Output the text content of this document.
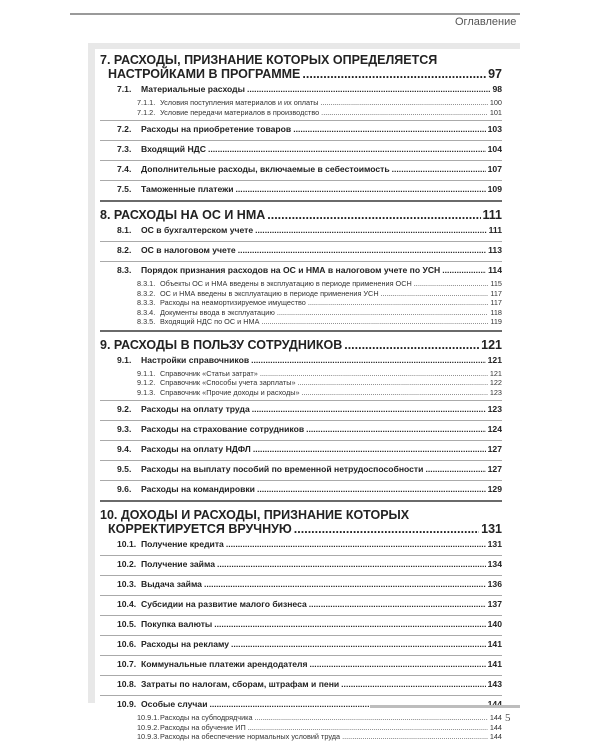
Оглавление
7. РАСХОДЫ, ПРИЗНАНИЕ КОТОРЫХ ОПРЕДЕЛЯЕТСЯ
НАСТРОЙКАМИ В ПРОГРАММЕ .....	97
7.1. Материальные расходы .....	98
7.1.1. Условия поступления материалов и их оплаты .....	100
7.1.2. Условие передачи материалов в производство .....	101
7.2. Расходы на приобретение товаров .....	103
7.3. Входящий НДС .....	104
7.4. Дополнительные расходы, включаемые в себестоимость .....	107
7.5. Таможенные платежи .....	109
8. РАСХОДЫ НА ОС И НМА .....	111
8.1. ОС в бухгалтерском учете .....	111
8.2. ОС в налоговом учете .....	113
8.3. Порядок признания расходов на ОС и НМА в налоговом учете по УСН .....	114
8.3.1. Объекты ОС и НМА введены в эксплуатацию в периоде применения ОСН .....	115
8.3.2. ОС и НМА введены в эксплуатацию в периоде применения УСН .....	117
8.3.3. Расходы на неамортизируемое имущество .....	117
8.3.4. Документы ввода в эксплуатацию .....	118
8.3.5. Входящий НДС по ОС и НМА .....	119
9. РАСХОДЫ В ПОЛЬЗУ СОТРУДНИКОВ .....	121
9.1. Настройки справочников .....	121
9.1.1. Справочник «Статьи затрат» .....	121
9.1.2. Справочник «Способы учета зарплаты» .....	122
9.1.3. Справочник «Прочие доходы и расходы» .....	123
9.2. Расходы на оплату труда .....	123
9.3. Расходы на страхование сотрудников .....	124
9.4. Расходы на оплату НДФЛ .....	127
9.5. Расходы на выплату пособий по временной нетрудоспособности .....	127
9.6. Расходы на командировки .....	129
10. ДОХОДЫ И РАСХОДЫ, ПРИЗНАНИЕ КОТОРЫХ
КОРРЕКТИРУЕТСЯ ВРУЧНУЮ .....	131
10.1. Получение кредита .....	131
10.2. Получение займа .....	134
10.3. Выдача займа .....	136
10.4. Субсидии на развитие малого бизнеса .....	137
10.5. Покупка валюты .....	140
10.6. Расходы на рекламу .....	141
10.7. Коммунальные платежи арендодателя .....	141
10.8. Затраты по налогам, сборам, штрафам и пени .....	143
10.9. Особые случаи .....	144
10.9.1.Расходы на субподрядчика .....	144
10.9.2.Расходы на обучение ИП .....	144
10.9.3.Расходы на обеспечение нормальных условий труда .....	144
5
